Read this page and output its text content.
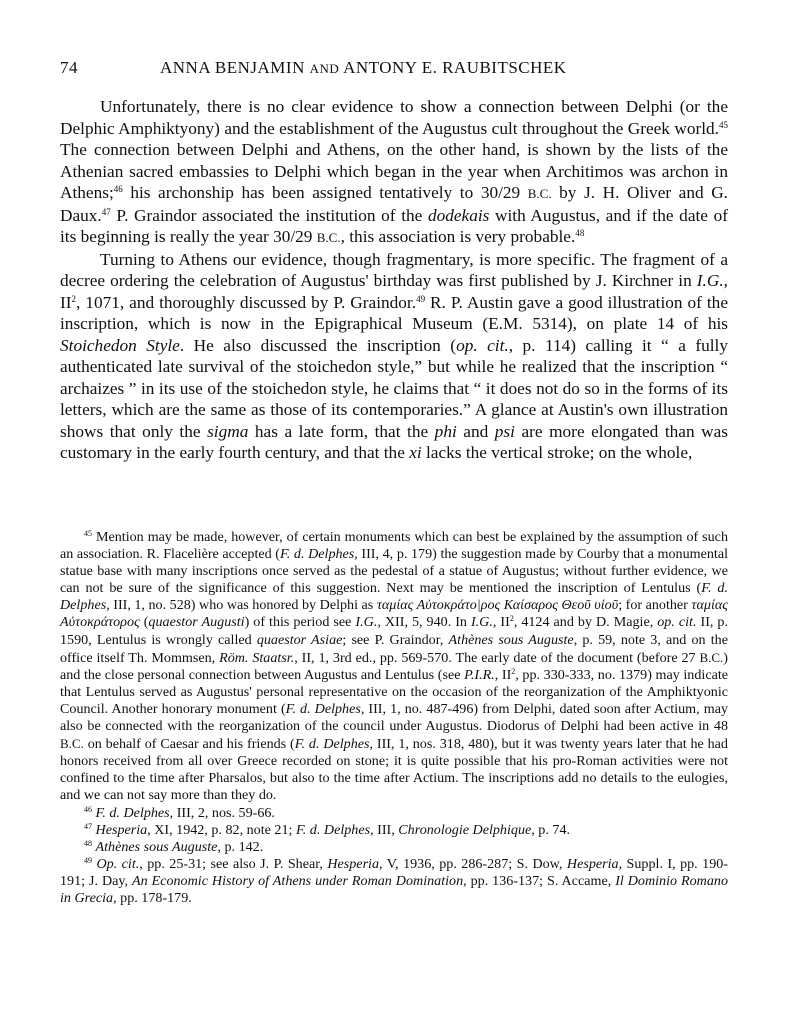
74	ANNA BENJAMIN AND ANTONY E. RAUBITSCHEK

Unfortunately, there is no clear evidence to show a connection between Delphi (or the Delphic Amphiktyony) and the establishment of the Augustus cult throughout the Greek world.$^{45}$ The connection between Delphi and Athens, on the other hand, is shown by the lists of the Athenian sacred embassies to Delphi which began in the year when Architimos was archon in Athens;$^{46}$ his archonship has been assigned tentatively to 30/29 B.C. by J. H. Oliver and G. Daux.$^{47}$ P. Graindor associated the institution of the dodekais with Augustus, and if the date of its beginning is really the year 30/29 B.C., this association is very probable.$^{48}$

Turning to Athens our evidence, though fragmentary, is more specific. The fragment of a decree ordering the celebration of Augustus' birthday was first published by J. Kirchner in I.G., $II^2$, 1071, and thoroughly discussed by P. Graindor.$^{49}$ R. P. Austin gave a good illustration of the inscription, which is now in the Epigraphical Museum (E.M. 5314), on plate 14 of his Stoichedon Style. He also discussed the inscription (op. cit., p. 114) calling it “ a fully authenticated late survival of the stoichedon style,” but while he realized that the inscription “ archaizes ” in its use of the stoichedon style, he claims that “ it does not do so in the forms of its letters, which are the same as those of its contemporaries.” A glance at Austin's own illustration shows that only the sigma has a late form, that the phi and psi are more elongated than was customary in the early fourth century, and that the xi lacks the vertical stroke; on the whole,

$^{45}$ Mention may be made, however, of certain monuments which can best be explained by the assumption of such an association. R. Flacelière accepted (F. d. Delphes, III, 4, p. 179) the suggestion made by Courby that a monumental statue base with many inscriptions once served as the pedestal of a statue of Augustus; without further evidence, we can not be sure of the significance of this suggestion. Next may be mentioned the inscription of Lentulus (F. d. Delphes, III, 1, no. 528) who was honored by Delphi as ταμίας Αὐτοκράτο|ρος Καίσαρος Θεοῦ υἱοῦ; for another ταμίας Αὐτοκράτορος (quaestor Augusti) of this period see I.G., XII, 5, 940. In I.G., $II^2$, 4124 and by D. Magie, op. cit. II, p. 1590, Lentulus is wrongly called quaestor Asiae; see P. Graindor, Athènes sous Auguste, p. 59, note 3, and on the office itself Th. Mommsen, Röm. Staatsr., II, 1, 3rd ed., pp. 569-570. The early date of the document (before 27 B.C.) and the close personal connection between Augustus and Lentulus (see P.I.R., $II^2$, pp. 330-333, no. 1379) may indicate that Lentulus served as Augustus' personal representative on the occasion of the reorganization of the Amphiktyonic Council. Another honorary monument (F. d. Delphes, III, 1, no. 487-496) from Delphi, dated soon after Actium, may also be connected with the reorganization of the council under Augustus. Diodorus of Delphi had been active in 48 B.C. on behalf of Caesar and his friends (F. d. Delphes, III, 1, nos. 318, 480), but it was twenty years later that he had honors received from all over Greece recorded on stone; it is quite possible that his pro-Roman activities were not confined to the time after Pharsalos, but also to the time after Actium. The inscriptions add no details to the eulogies, and we can not say more than they do.

$^{46}$ F. d. Delphes, III, 2, nos. 59-66.

$^{47}$ Hesperia, XI, 1942, p. 82, note 21; F. d. Delphes, III, Chronologie Delphique, p. 74.

$^{48}$ Athènes sous Auguste, p. 142.

$^{49}$ Op. cit., pp. 25-31; see also J. P. Shear, Hesperia, V, 1936, pp. 286-287; S. Dow, Hesperia, Suppl. I, pp. 190-191; J. Day, An Economic History of Athens under Roman Domination, pp. 136-137; S. Accame, Il Dominio Romano in Grecia, pp. 178-179.
